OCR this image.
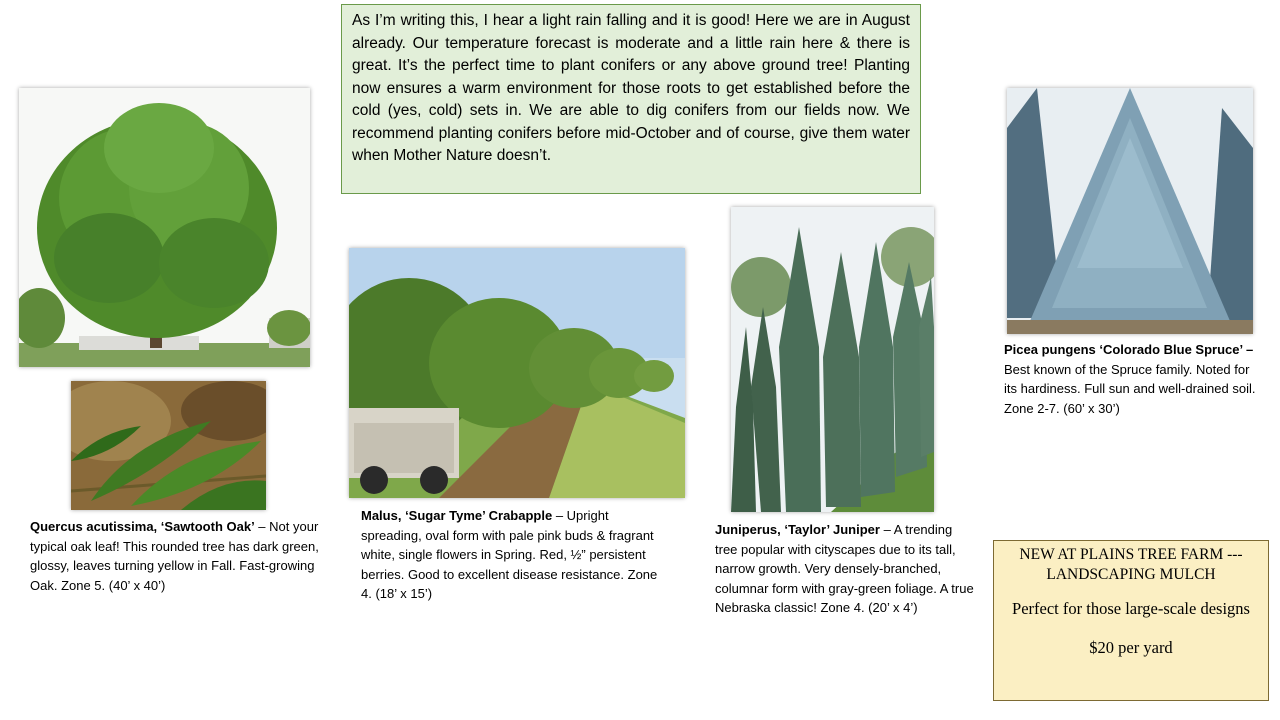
As I’m writing this, I hear a light rain falling and it is good! Here we are in August already. Our temperature forecast is moderate and a little rain here & there is great. It’s the perfect time to plant conifers or any above ground tree! Planting now ensures a warm environment for those roots to get established before the cold (yes, cold) sets in. We are able to dig conifers from our fields now. We recommend planting conifers before mid-October and of course, give them water when Mother Nature doesn’t.
Quercus acutissima, ‘Sawtooth Oak’ – Not your typical oak leaf! This rounded tree has dark green, glossy, leaves turning yellow in Fall. Fast-growing Oak. Zone 5. (40’ x 40’)
Malus, ‘Sugar Tyme’ Crabapple – Upright spreading, oval form with pale pink buds & fragrant white, single flowers in Spring. Red, ½” persistent berries. Good to excellent disease resistance. Zone 4. (18’ x 15’)
Juniperus, ‘Taylor’ Juniper – A trending tree popular with cityscapes due to its tall, narrow growth. Very densely-branched, columnar form with gray-green foliage. A true Nebraska classic! Zone 4. (20’ x 4’)
Picea pungens ‘Colorado Blue Spruce’ – Best known of the Spruce family. Noted for its hardiness. Full sun and well-drained soil. Zone 2-7. (60’ x 30’)
NEW AT PLAINS TREE FARM --- LANDSCAPING MULCH
Perfect for those large-scale designs
$20 per yard
